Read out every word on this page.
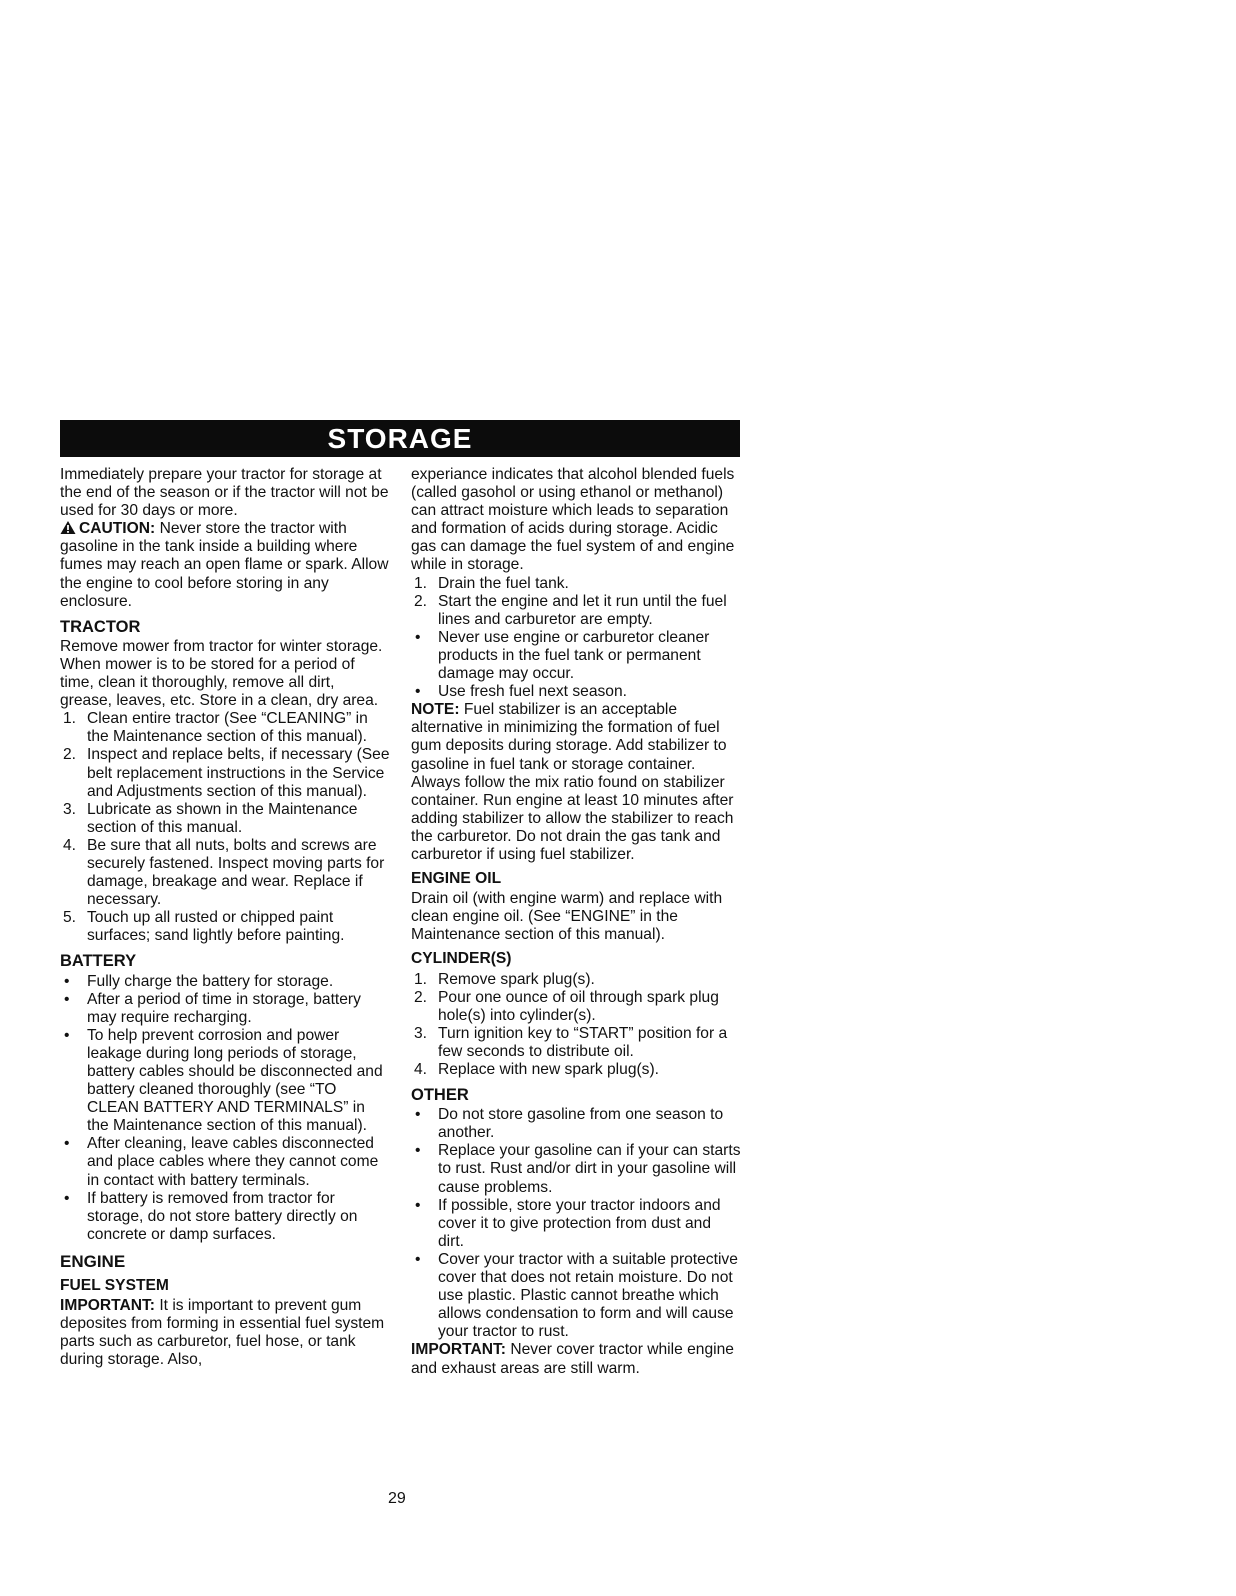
STORAGE

Immediately prepare your tractor for storage at the end of the season or if the tractor will not be used for 30 days or more.

CAUTION: Never store the tractor with gasoline in the tank inside a building where fumes may reach an open flame or spark. Allow the engine to cool before storing in any enclosure.

TRACTOR

Remove mower from tractor for winter storage. When mower is to be stored for a period of time, clean it thoroughly, remove all dirt, grease, leaves, etc. Store in a clean, dry area.

1. Clean entire tractor (See “CLEANING” in the Maintenance section of this manual).
2. Inspect and replace belts, if necessary (See belt replacement instructions in the Service and Adjustments section of this manual).
3. Lubricate as shown in the Maintenance section of this manual.
4. Be sure that all nuts, bolts and screws are securely fastened. Inspect moving parts for damage, breakage and wear. Replace if necessary.
5. Touch up all rusted or chipped paint surfaces; sand lightly before painting.
BATTERY
• Fully charge the battery for storage.
• After a period of time in storage, battery may require recharging.
• To help prevent corrosion and power leakage during long periods of storage, battery cables should be disconnected and battery cleaned thoroughly (see “TO CLEAN BATTERY AND TERMINALS” in the Maintenance section of this manual).
• After cleaning, leave cables disconnected and place cables where they cannot come in contact with battery terminals.
• If battery is removed from tractor for storage, do not store battery directly on concrete or damp surfaces.
ENGINE
FUEL SYSTEM

IMPORTANT: It is important to prevent gum deposites from forming in essential fuel system parts such as carburetor, fuel hose, or tank during storage. Also,

experiance indicates that alcohol blended fuels (called gasohol or using ethanol or methanol) can attract moisture which leads to separation and formation of acids during storage. Acidic gas can damage the fuel system of and engine while in storage.

1. Drain the fuel tank.
2. Start the engine and let it run until the fuel lines and carburetor are empty.
• Never use engine or carburetor cleaner products in the fuel tank or permanent damage may occur.
• Use fresh fuel next season.

NOTE: Fuel stabilizer is an acceptable alternative in minimizing the formation of fuel gum deposits during storage. Add stabilizer to gasoline in fuel tank or storage container. Always follow the mix ratio found on stabilizer container. Run engine at least 10 minutes after adding stabilizer to allow the stabilizer to reach the carburetor. Do not drain the gas tank and carburetor if using fuel stabilizer.

ENGINE OIL

Drain oil (with engine warm) and replace with clean engine oil. (See “ENGINE” in the Maintenance section of this manual).

CYLINDER(S)
1. Remove spark plug(s).
2. Pour one ounce of oil through spark plug hole(s) into cylinder(s).
3. Turn ignition key to “START” position for a few seconds to distribute oil.
4. Replace with new spark plug(s).
OTHER
• Do not store gasoline from one season to another.
• Replace your gasoline can if your can starts to rust. Rust and/or dirt in your gasoline will cause problems.
• If possible, store your tractor indoors and cover it to give protection from dust and dirt.
• Cover your tractor with a suitable protective cover that does not retain moisture. Do not use plastic. Plastic cannot breathe which allows condensation to form and will cause your tractor to rust.

IMPORTANT: Never cover tractor while engine and exhaust areas are still warm.

29
